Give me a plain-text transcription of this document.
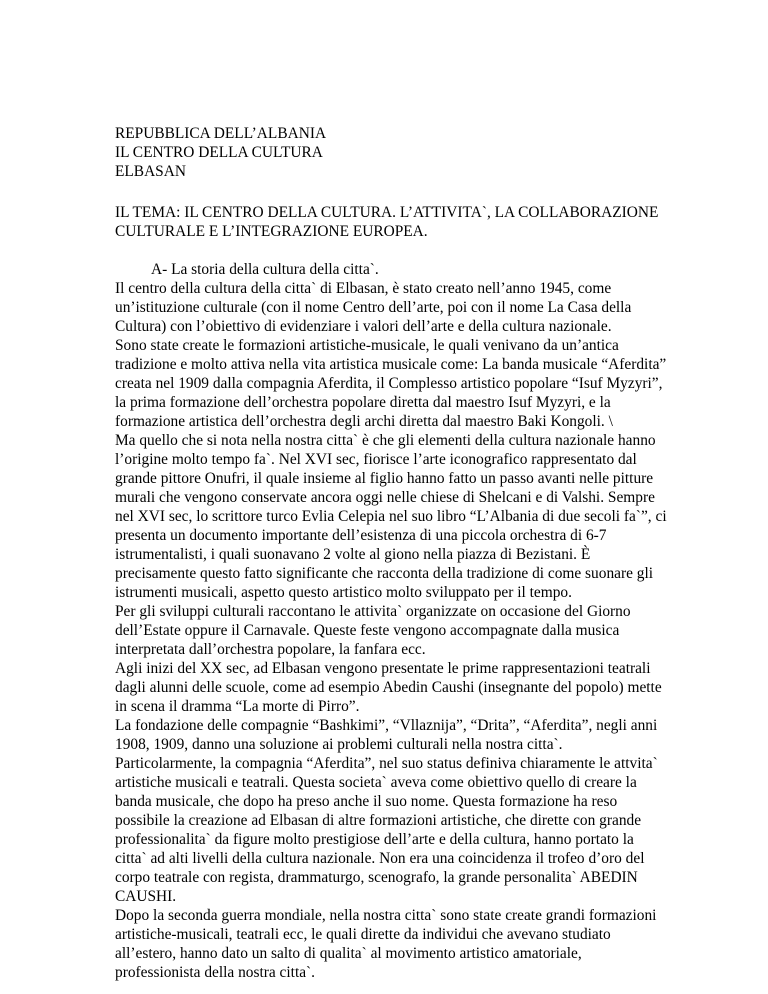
REPUBBLICA DELL’ALBANIA
IL CENTRO DELLA CULTURA
ELBASAN
IL TEMA: IL CENTRO DELLA CULTURA. L’ATTIVITA`, LA COLLABORAZIONE
CULTURALE E L’INTEGRAZIONE EUROPEA.
A- La storia della cultura della citta`.
Il centro della cultura della citta` di Elbasan, è stato creato nell’anno 1945, come
un’istituzione culturale (con il nome Centro dell’arte, poi con il nome La Casa della
Cultura) con l’obiettivo di evidenziare i valori dell’arte e della cultura nazionale.
Sono state create le formazioni artistiche-musicale, le quali venivano da un’antica
tradizione e molto attiva nella vita artistica musicale come: La banda musicale “Aferdita”
creata nel 1909 dalla compagnia Aferdita, il Complesso artistico popolare “Isuf Myzyri”,
la prima formazione dell’orchestra popolare diretta dal maestro Isuf Myzyri, e la
formazione artistica dell’orchestra degli archi diretta dal maestro Baki Kongoli. \
Ma quello che si nota nella nostra citta` è che gli elementi della cultura nazionale hanno
l’origine molto tempo fa`. Nel XVI sec, fiorisce l’arte iconografico rappresentato dal
grande pittore Onufri, il quale insieme al figlio hanno fatto un passo avanti nelle pitture
murali che vengono conservate ancora oggi nelle chiese di Shelcani e di Valshi. Sempre
nel XVI sec, lo scrittore turco Evlia Celepia nel suo libro “L’Albania di due secoli fa`”, ci
presenta un documento importante dell’esistenza di una piccola orchestra di 6-7
istrumentalisti, i quali suonavano 2 volte al giono nella piazza di Bezistani. È
precisamente questo fatto significante che racconta della tradizione di come suonare gli
istrumenti musicali, aspetto questo artistico molto sviluppato per il tempo.
Per gli sviluppi culturali raccontano le attivita` organizzate on occasione del Giorno
dell’Estate oppure il Carnavale. Queste feste vengono accompagnate dalla musica
interpretata dall’orchestra popolare, la fanfara ecc.
Agli inizi del XX sec, ad Elbasan vengono presentate le prime rappresentazioni teatrali
dagli alunni delle scuole, come ad esempio Abedin Caushi (insegnante del popolo) mette
in scena il dramma “La morte di Pirro”.
La fondazione delle compagnie “Bashkimi”, “Vllaznija”, “Drita”, “Aferdita”, negli anni
1908, 1909, danno una soluzione ai problemi culturali nella nostra citta`.
Particolarmente, la compagnia “Aferdita”, nel suo status definiva chiaramente le attvita`
artistiche musicali e teatrali. Questa societa` aveva come obiettivo quello di creare la
banda musicale, che dopo ha preso anche il suo nome. Questa formazione ha reso
possibile la creazione ad Elbasan di altre formazioni artistiche, che dirette con grande
professionalita` da figure molto prestigiose dell’arte e della cultura, hanno portato la
citta` ad alti livelli della cultura nazionale. Non era una coincidenza il trofeo d’oro del
corpo teatrale con regista, drammaturgo, scenografo, la grande personalita` ABEDIN
CAUSHI.
Dopo la seconda guerra mondiale, nella nostra citta` sono state create grandi formazioni
artistiche-musicali, teatrali ecc, le quali dirette da individui che avevano studiato
all’estero, hanno dato un salto di qualita` al movimento artistico amatoriale,
professionista della nostra citta`.
